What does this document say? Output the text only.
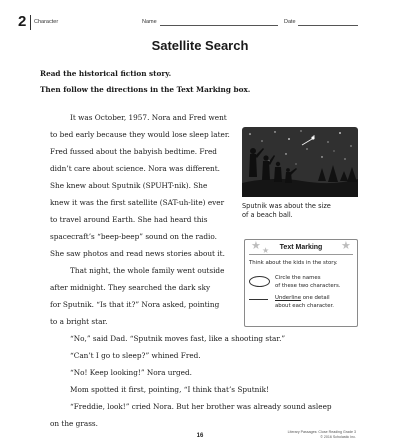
2 Character	Name	Date
Satellite Search
Read the historical fiction story.
Then follow the directions in the Text Marking box.
It was October, 1957. Nora and Fred went
to bed early because they would lose sleep later.
Fred fussed about the babyish bedtime. Fred
didn’t care about science. Nora was different.
She knew about Sputnik (SPUHT-nik). She
knew it was the first satellite (SAT-uh-lite) ever
to travel around Earth. She had heard this
spacecraft’s “beep-beep” sound on the radio.
She saw photos and read news stories about it.
That night, the whole family went outside
after midnight. They searched the dark sky
for Sputnik. “Is that it?” Nora asked, pointing
to a bright star.
“No,” said Dad. “Sputnik moves fast, like a shooting star.”
“Can’t I go to sleep?” whined Fred.
“No! Keep looking!” Nora urged.
Mom spotted it first, pointing, “I think that’s Sputnik!
“Freddie, look!” cried Nora. But her brother was already sound asleep
on the grass.
Sputnik was about the size
of a beach ball.
★ ★	★
Text Marking
Think about the kids in the story.
Circle the names
of these two characters.
Underline one detail
about each character.
16
Literary Passages: Close Reading Grade 3
© 2016 Scholastic Inc.
